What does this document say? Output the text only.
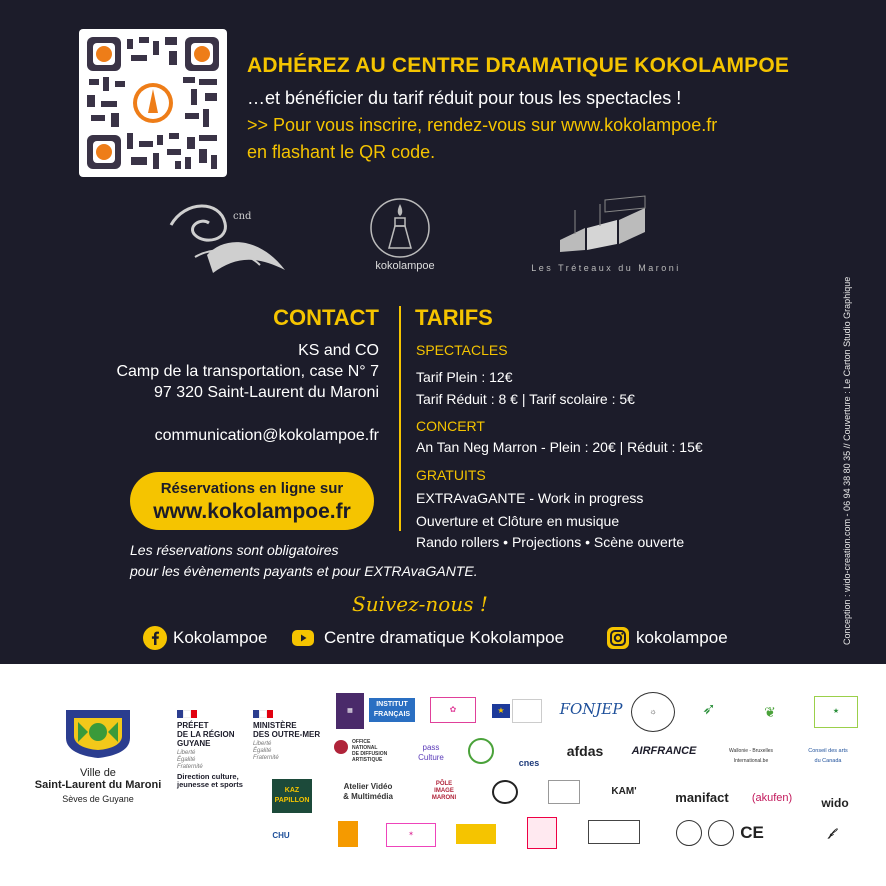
ADHÉREZ AU CENTRE DRAMATIQUE KOKOLAMPOE
…et bénéficier du tarif réduit pour tous les spectacles !
>> Pour vous inscrire, rendez-vous sur www.kokolampoe.fr
en flashant le QR code.
cnd
kokolampoe	Les Tréteaux du Maroni
Conception : wido-creation.com - 06 94 38 80 35 // Couverture : Le Carton Studio Graphique
CONTACT
KS and CO
Camp de la transportation, case N° 7
97 320 Saint-Laurent du Maroni
communication@kokolampoe.fr
Réservations en ligne sur
www.kokolampoe.fr
Les réservations sont obligatoires
pour les évènements payants et pour EXTRAvaGANTE.
TARIFS
SPECTACLES
Tarif Plein : 12€
Tarif Réduit : 8 € | Tarif scolaire : 5€
CONCERT
An Tan Neg Marron - Plein : 20€ | Réduit : 15€
GRATUITS
EXTRAvaGANTE - Work in progress
Ouverture et Clôture en musique
Rando rollers • Projections • Scène ouverte
Suivez-nous !
Kokolampoe	Centre dramatique Kokolampoe	kokolampoe
Ville de
Saint-Laurent du Maroni
Sèves de Guyane
PRÉFET
DE LA RÉGION
GUYANE
Liberté
Égalité
Fraternité
Direction culture,
jeunesse et sports
MINISTÈRE
DES OUTRE-MER
Liberté
Égalité
Fraternité
▦
INSTITUT
FRANÇAIS
✿	★	FONJEP	☼	➶	❦	★
OFFICE
NATIONAL
DE DIFFUSION
ARTISTIQUE
pass
Culture
cnes
afdas	AIRFRANCE	Wallonie - Bruxelles
International.be
Conseil des arts
du Canada
KAZ
PAPILLON
Atelier Vidéo
& Multimédia
PÔLE
IMAGE
MARONI
KAM'	manifact	(akufen)	wido
CHU	✶	CE	𝒻
